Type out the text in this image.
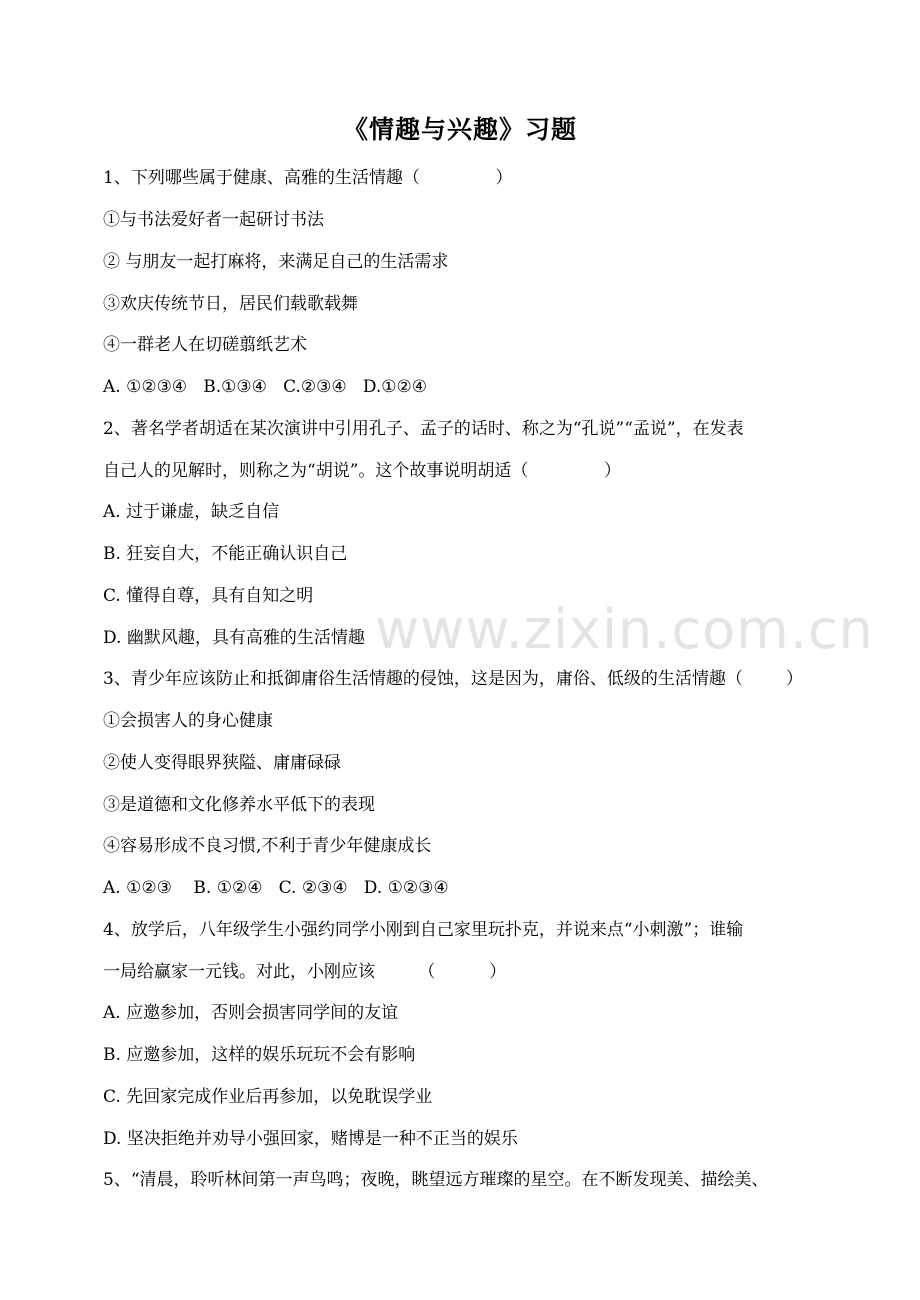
www.zixin.com.cn
《情趣与兴趣》习题
1、下列哪些属于健康、高雅的生活情趣（              ）
①与书法爱好者一起研讨书法
② 与朋友一起打麻将，来满足自己的生活需求
③欢庆传统节日，居民们载歌载舞
④一群老人在切磋翦纸艺术
A. ①②③④   B.①③④   C.②③④   D.①②④
2、著名学者胡适在某次演讲中引用孔子、孟子的话时、称之为“孔说”“孟说”，在发表
自己人的见解时，则称之为“胡说”。这个故事说明胡适（              ）
A. 过于谦虚，缺乏自信
B. 狂妄自大，不能正确认识自己
C. 懂得自尊，具有自知之明
D. 幽默风趣，具有高雅的生活情趣
3、青少年应该防止和抵御庸俗生活情趣的侵蚀，这是因为，庸俗、低级的生活情趣（        ）
①会损害人的身心健康
②使人变得眼界狭隘、庸庸碌碌
③是道德和文化修养水平低下的表现
④容易形成不良习惯,不利于青少年健康成长
A. ①②③    B. ①②④   C. ②③④   D. ①②③④
4、放学后，八年级学生小强约同学小刚到自己家里玩扑克，并说来点“小刺激”；谁输
一局给赢家一元钱。对此，小刚应该        （          ）
A. 应邀参加，否则会损害同学间的友谊
B. 应邀参加，这样的娱乐玩玩不会有影响
C. 先回家完成作业后再参加，以免耽误学业
D. 坚决拒绝并劝导小强回家，赌博是一种不正当的娱乐
5、“清晨，聆听林间第一声鸟鸣；夜晚，眺望远方璀璨的星空。在不断发现美、描绘美、
